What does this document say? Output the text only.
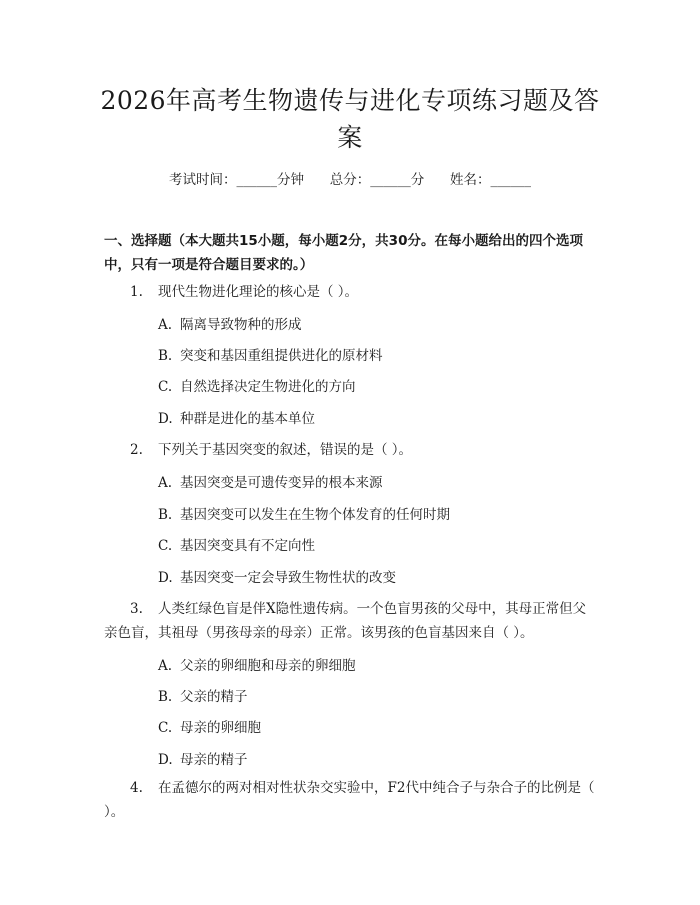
2026年高考生物遗传与进化专项练习题及答案
考试时间：______分钟      总分：______分      姓名：______
一、选择题（本大题共15小题，每小题2分，共30分。在每小题给出的四个选项中，只有一项是符合题目要求的。）
1. 现代生物进化理论的核心是（ ）。
A. 隔离导致物种的形成
B. 突变和基因重组提供进化的原材料
C. 自然选择决定生物进化的方向
D. 种群是进化的基本单位
2. 下列关于基因突变的叙述，错误的是（ ）。
A. 基因突变是可遗传变异的根本来源
B. 基因突变可以发生在生物个体发育的任何时期
C. 基因突变具有不定向性
D. 基因突变一定会导致生物性状的改变
3. 人类红绿色盲是伴X隐性遗传病。一个色盲男孩的父母中，其母正常但父亲色盲，其祖母（男孩母亲的母亲）正常。该男孩的色盲基因来自（ ）。
A. 父亲的卵细胞和母亲的卵细胞
B. 父亲的精子
C. 母亲的卵细胞
D. 母亲的精子
4. 在孟德尔的两对相对性状杂交实验中，F2代中纯合子与杂合子的比例是（ ）。
